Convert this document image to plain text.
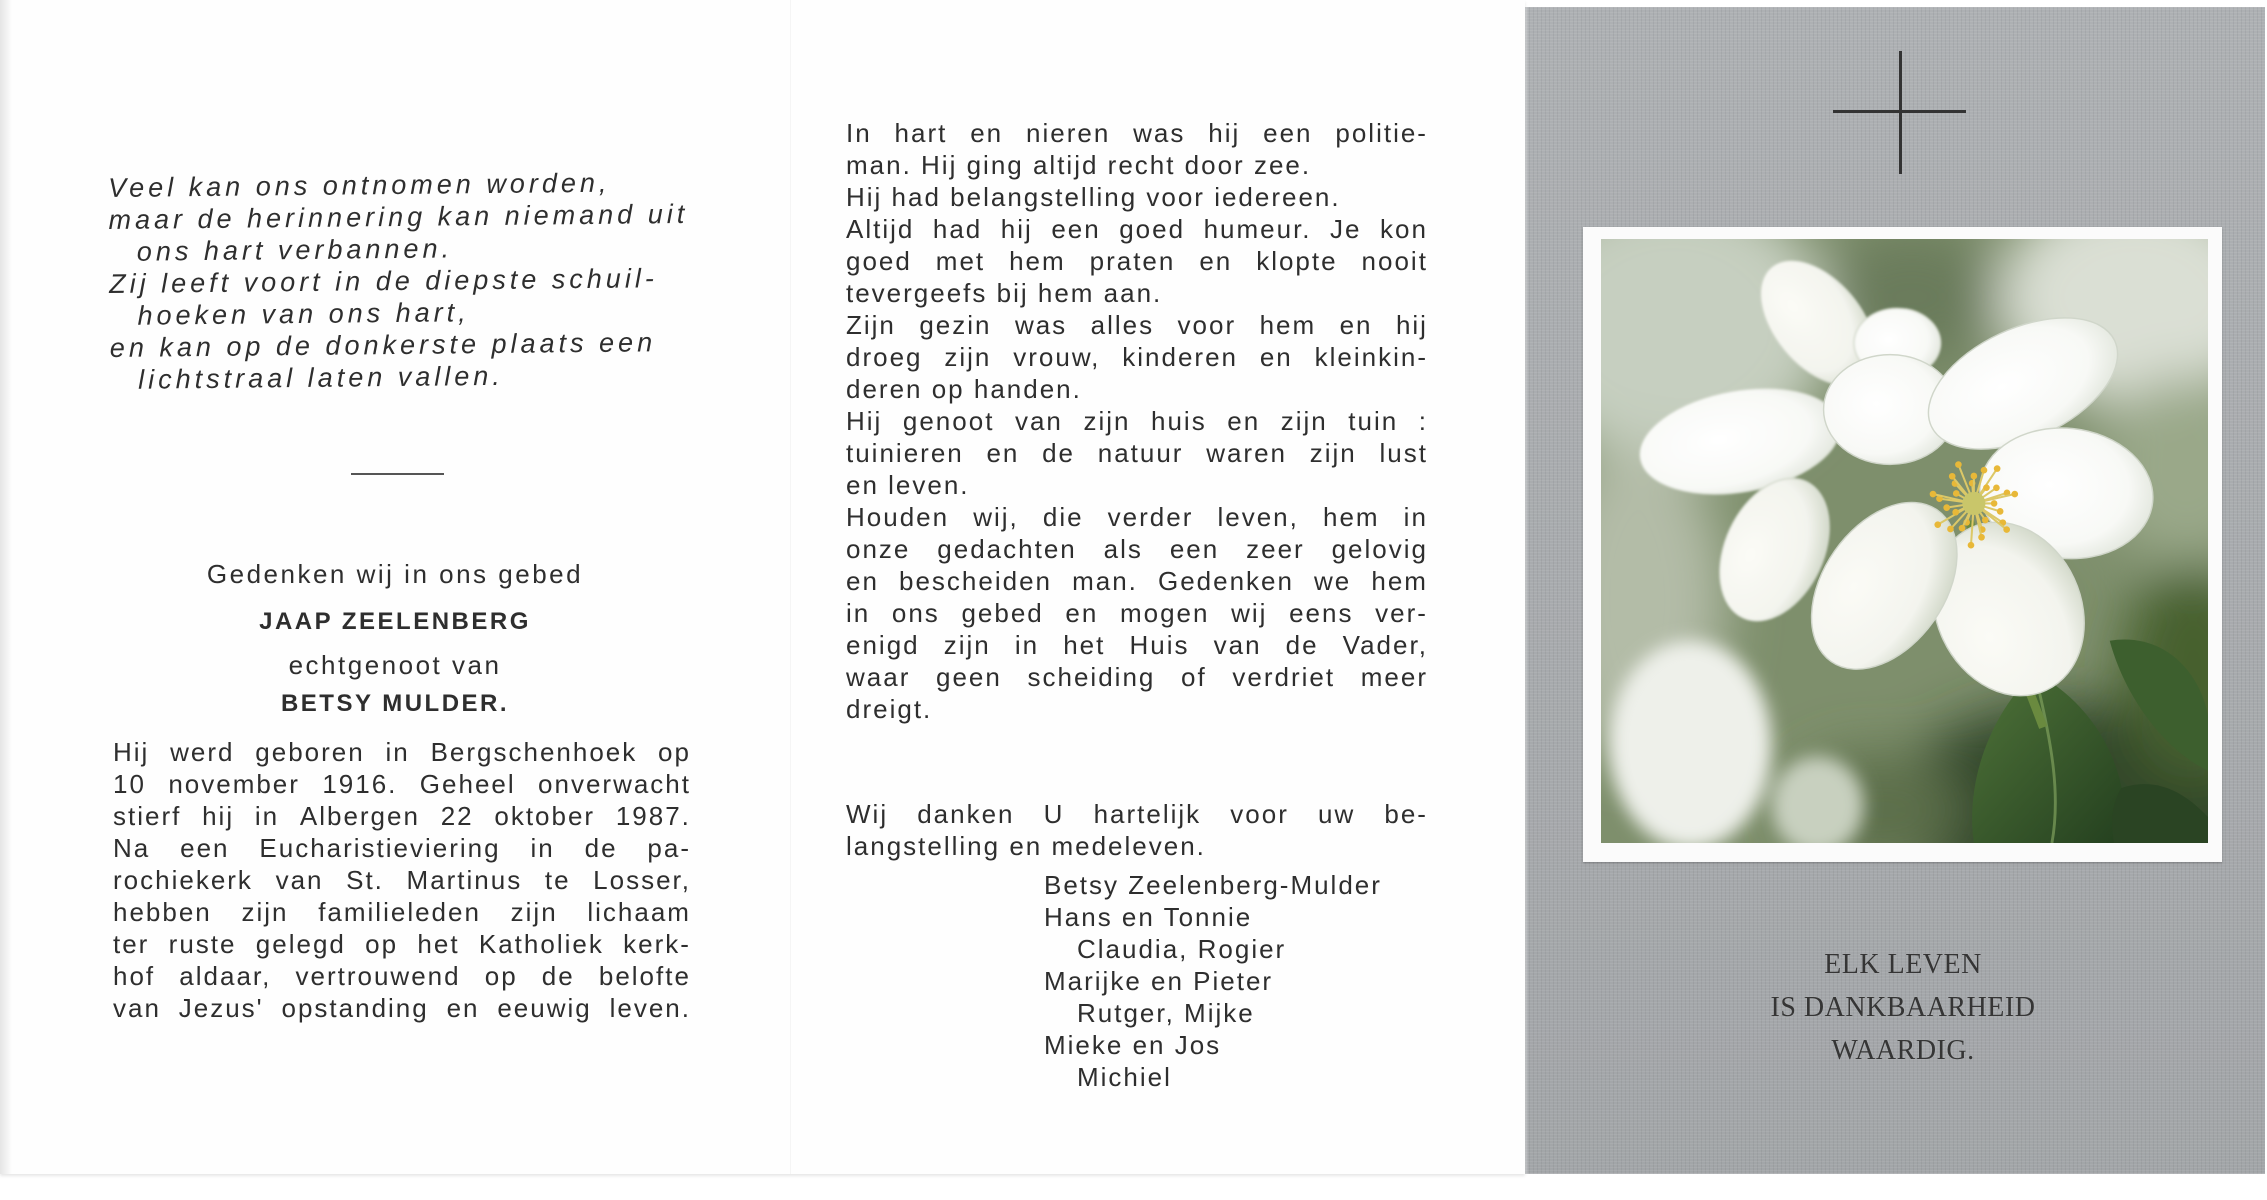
Veel kan ons ontnomen worden,
maar de herinnering kan niemand uit
ons hart verbannen.
Zij leeft voort in de diepste schuil-
hoeken van ons hart,
en kan op de donkerste plaats een
lichtstraal laten vallen.
Gedenken wij in ons gebed
JAAP ZEELENBERG
echtgenoot van
BETSY MULDER.
Hij werd geboren in Bergschenhoek op
10 november 1916. Geheel onverwacht
stierf hij in Albergen 22 oktober 1987.
Na een Eucharistieviering in de pa-
rochiekerk van St. Martinus te Losser,
hebben zijn familieleden zijn lichaam
ter ruste gelegd op het Katholiek kerk-
hof aldaar, vertrouwend op de belofte
van Jezus' opstanding en eeuwig leven.
In hart en nieren was hij een politie-
man. Hij ging altijd recht door zee.
Hij had belangstelling voor iedereen.
Altijd had hij een goed humeur. Je kon
goed met hem praten en klopte nooit
tevergeefs bij hem aan.
Zijn gezin was alles voor hem en hij
droeg zijn vrouw, kinderen en kleinkin-
deren op handen.
Hij genoot van zijn huis en zijn tuin :
tuinieren en de natuur waren zijn lust
en leven.
Houden wij, die verder leven, hem in
onze gedachten als een zeer gelovig
en bescheiden man. Gedenken we hem
in ons gebed en mogen wij eens ver-
enigd zijn in het Huis van de Vader,
waar geen scheiding of verdriet meer
dreigt.
Wij danken U hartelijk voor uw be-
langstelling en medeleven.
Betsy Zeelenberg-Mulder
Hans en Tonnie
Claudia, Rogier
Marijke en Pieter
Rutger, Mijke
Mieke en Jos
Michiel
ELK LEVEN
IS DANKBAARHEID
WAARDIG.
